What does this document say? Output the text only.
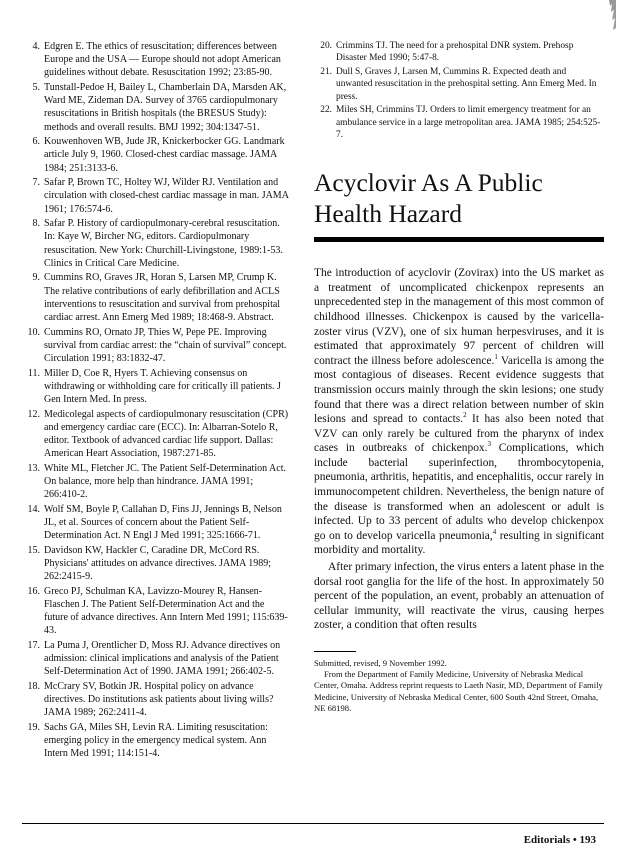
4. Edgren E. The ethics of resuscitation; differences between Europe and the USA — Europe should not adopt American guidelines without debate. Resuscitation 1992; 23:85-90.
5. Tunstall-Pedoe H, Bailey L, Chamberlain DA, Marsden AK, Ward ME, Zideman DA. Survey of 3765 cardiopulmonary resuscitations in British hospitals (the BRESUS Study): methods and overall results. BMJ 1992; 304:1347-51.
6. Kouwenhoven WB, Jude JR, Knickerbocker GG. Landmark article July 9, 1960. Closed-chest cardiac massage. JAMA 1984; 251:3133-6.
7. Safar P, Brown TC, Holtey WJ, Wilder RJ. Ventilation and circulation with closed-chest cardiac massage in man. JAMA 1961; 176:574-6.
8. Safar P. History of cardiopulmonary-cerebral resuscitation. In: Kaye W, Bircher NG, editors. Cardiopulmonary resuscitation. New York: Churchill-Livingstone, 1989:1-53. Clinics in Critical Care Medicine.
9. Cummins RO, Graves JR, Horan S, Larsen MP, Crump K. The relative contributions of early defibrillation and ACLS interventions to resuscitation and survival from prehospital cardiac arrest. Ann Emerg Med 1989; 18:468-9. Abstract.
10. Cummins RO, Ornato JP, Thies W, Pepe PE. Improving survival from cardiac arrest: the “chain of survival” concept. Circulation 1991; 83:1832-47.
11. Miller D, Coe R, Hyers T. Achieving consensus on withdrawing or withholding care for critically ill patients. J Gen Intern Med. In press.
12. Medicolegal aspects of cardiopulmonary resuscitation (CPR) and emergency cardiac care (ECC). In: Albarran-Sotelo R, editor. Textbook of advanced cardiac life support. Dallas: American Heart Association, 1987:271-85.
13. White ML, Fletcher JC. The Patient Self-Determination Act. On balance, more help than hindrance. JAMA 1991; 266:410-2.
14. Wolf SM, Boyle P, Callahan D, Fins JJ, Jennings B, Nelson JL, et al. Sources of concern about the Patient Self-Determination Act. N Engl J Med 1991; 325:1666-71.
15. Davidson KW, Hackler C, Caradine DR, McCord RS. Physicians' attitudes on advance directives. JAMA 1989; 262:2415-9.
16. Greco PJ, Schulman KA, Lavizzo-Mourey R, Hansen-Flaschen J. The Patient Self-Determination Act and the future of advance directives. Ann Intern Med 1991; 115:639-43.
17. La Puma J, Orentlicher D, Moss RJ. Advance directives on admission: clinical implications and analysis of the Patient Self-Determination Act of 1990. JAMA 1991; 266:402-5.
18. McCrary SV, Botkin JR. Hospital policy on advance directives. Do institutions ask patients about living wills? JAMA 1989; 262:2411-4.
19. Sachs GA, Miles SH, Levin RA. Limiting resuscitation: emerging policy in the emergency medical system. Ann Intern Med 1991; 114:151-4.
20. Crimmins TJ. The need for a prehospital DNR system. Prehosp Disaster Med 1990; 5:47-8.
21. Dull S, Graves J, Larsen M, Cummins R. Expected death and unwanted resuscitation in the prehospital setting. Ann Emerg Med. In press.
22. Miles SH, Crimmins TJ. Orders to limit emergency treatment for an ambulance service in a large metropolitan area. JAMA 1985; 254:525-7.
Acyclovir As A Public
Health Hazard

The introduction of acyclovir (Zovirax) into the US market as a treatment of uncomplicated chickenpox represents an unprecedented step in the management of this most common of childhood illnesses. Chickenpox is caused by the varicella-zoster virus (VZV), one of six human herpesviruses, and it is estimated that approximately 97 percent of children will contract the illness before adolescence.$^1$ Varicella is among the most contagious of diseases. Recent evidence suggests that transmission occurs mainly through the skin lesions; one study found that there was a direct relation between number of skin lesions and spread to contacts.$^2$ It has also been noted that VZV can only rarely be cultured from the pharynx of index cases in outbreaks of chickenpox.$^3$ Complications, which include bacterial superinfection, thrombocytopenia, pneumonia, arthritis, hepatitis, and encephalitis, occur rarely in immunocompetent children. Nevertheless, the benign nature of the disease is transformed when an adolescent or adult is infected. Up to 33 percent of adults who develop chickenpox go on to develop varicella pneumonia,$^4$ resulting in significant morbidity and mortality.

After primary infection, the virus enters a latent phase in the dorsal root ganglia for the life of the host. In approximately 50 percent of the population, an event, probably an attenuation of cellular immunity, will reactivate the virus, causing herpes zoster, a condition that often results

Submitted, revised, 9 November 1992.

From the Department of Family Medicine, University of Nebraska Medical Center, Omaha. Address reprint requests to Laeth Nasir, MD, Department of Family Medicine, University of Nebraska Medical Center, 600 South 42nd Street, Omaha, NE 68198.

Editorials • 193
